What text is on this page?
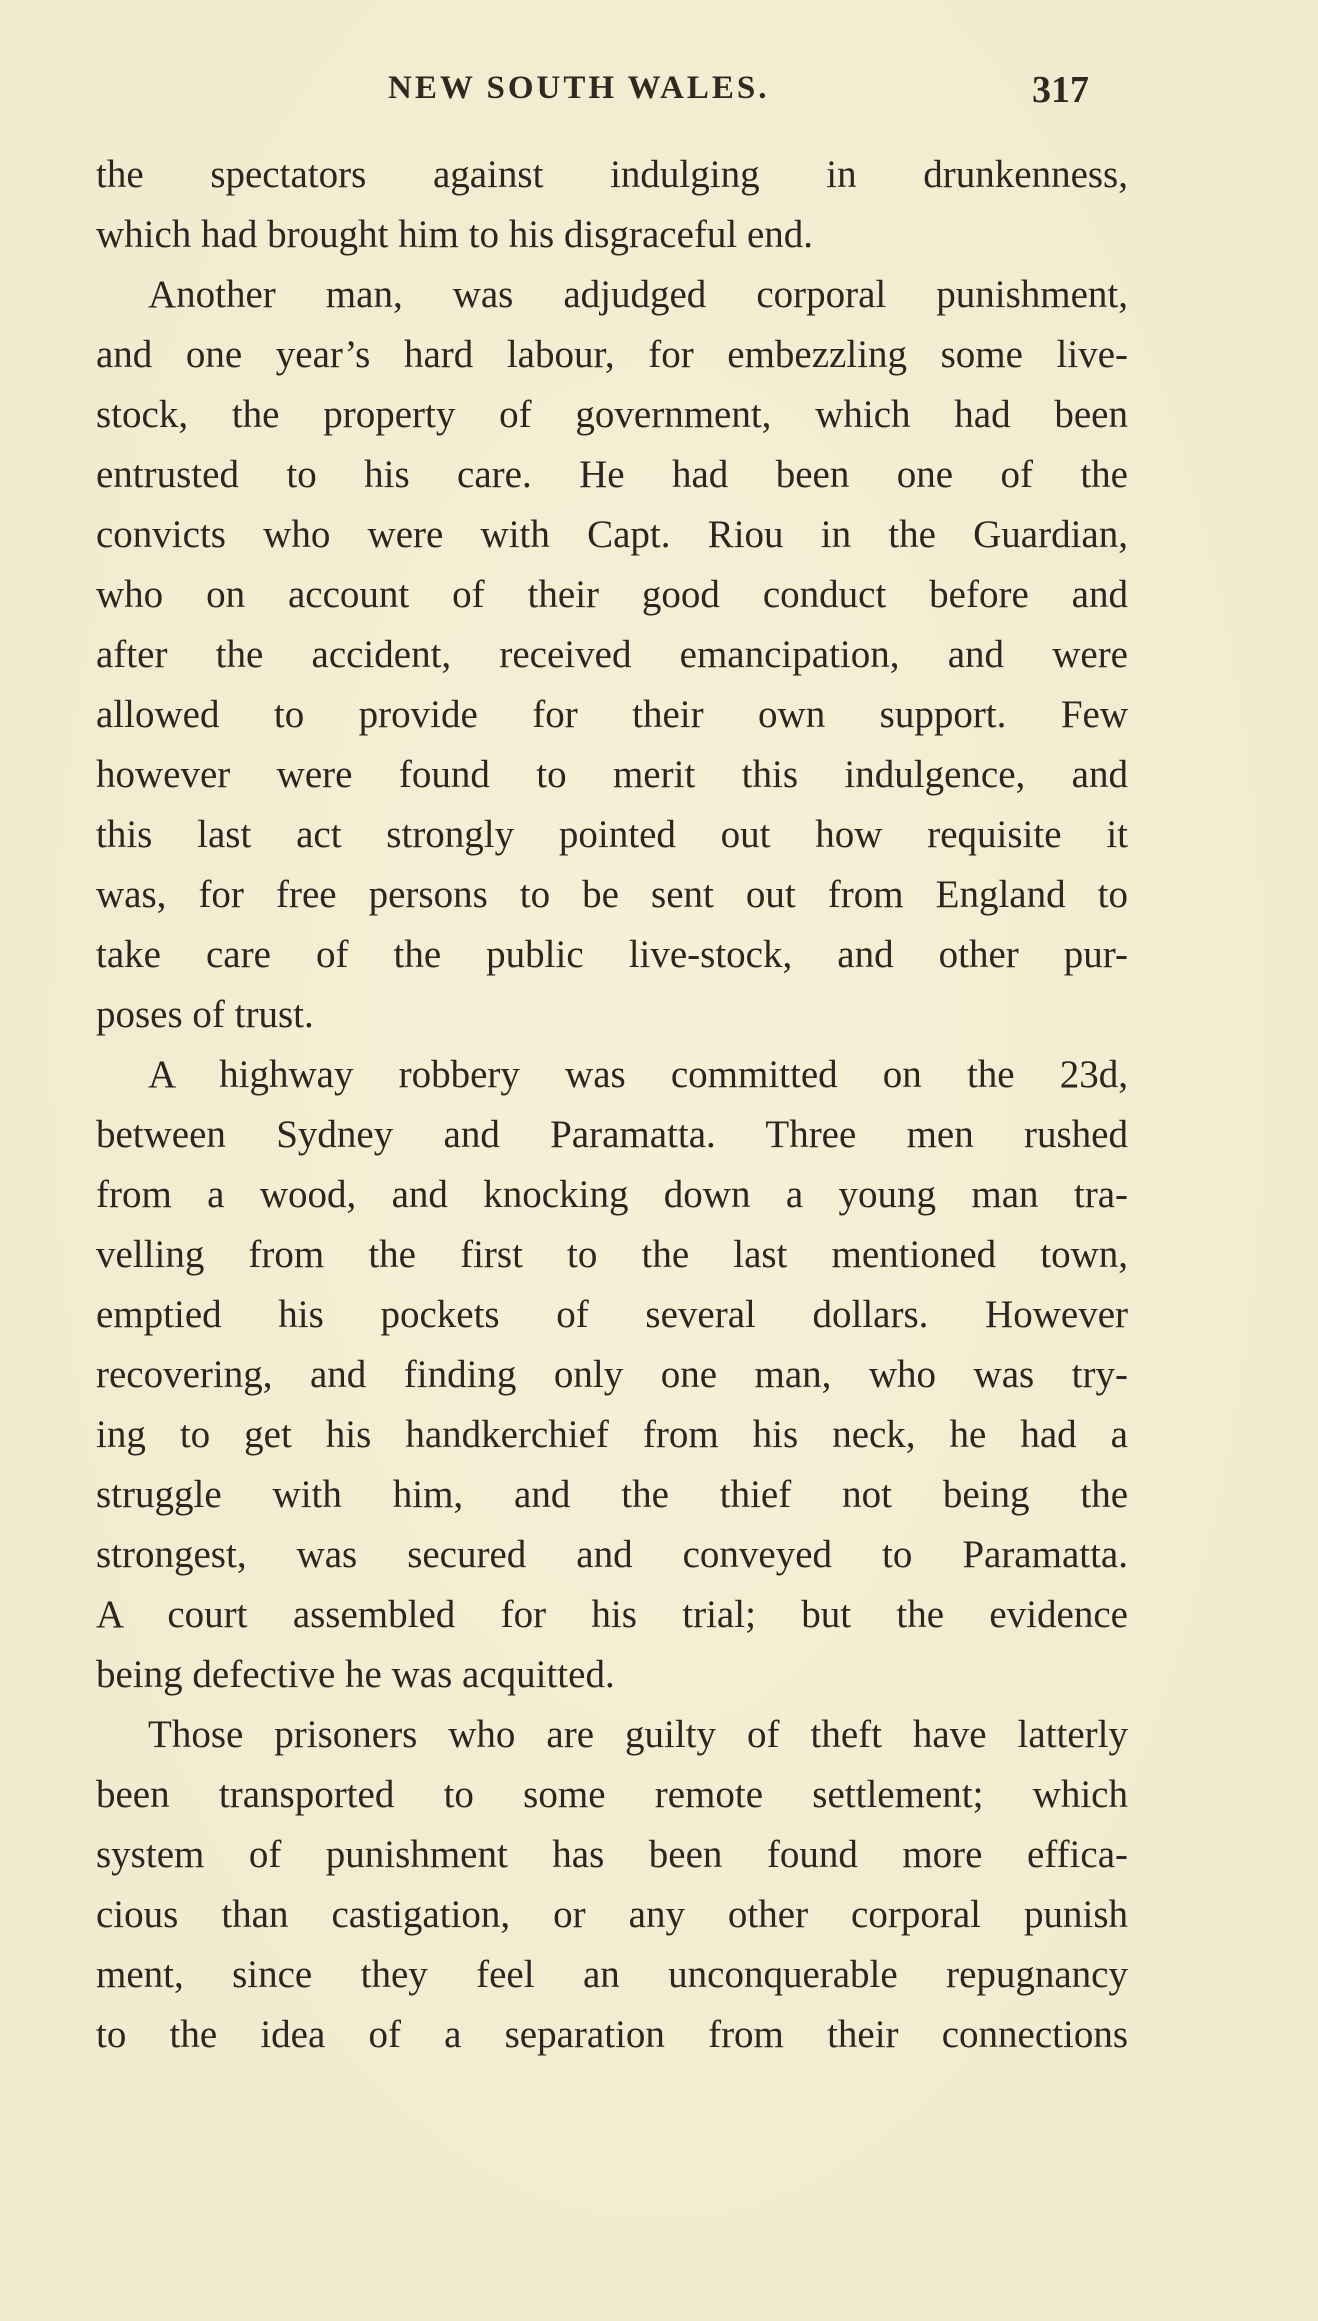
NEW SOUTH WALES.	317
the spectators against indulging in drunkenness,
which had brought him to his disgraceful end.
Another man, was adjudged corporal punishment,
and one year’s hard labour, for embezzling some live-
stock, the property of government, which had been
entrusted to his care. He had been one of the
convicts who were with Capt. Riou in the Guardian,
who on account of their good conduct before and
after the accident, received emancipation, and were
allowed to provide for their own support. Few
however were found to merit this indulgence, and
this last act strongly pointed out how requisite it
was, for free persons to be sent out from England to
take care of the public live-stock, and other pur-
poses of trust.
A highway robbery was committed on the 23d,
between Sydney and Paramatta. Three men rushed
from a wood, and knocking down a young man tra-
velling from the first to the last mentioned town,
emptied his pockets of several dollars. However
recovering, and finding only one man, who was try-
ing to get his handkerchief from his neck, he had a
struggle with him, and the thief not being the
strongest, was secured and conveyed to Paramatta.
A court assembled for his trial; but the evidence
being defective he was acquitted.
Those prisoners who are guilty of theft have latterly
been transported to some remote settlement; which
system of punishment has been found more effica-
cious than castigation, or any other corporal punish
ment, since they feel an unconquerable repugnancy
to the idea of a separation from their connections
